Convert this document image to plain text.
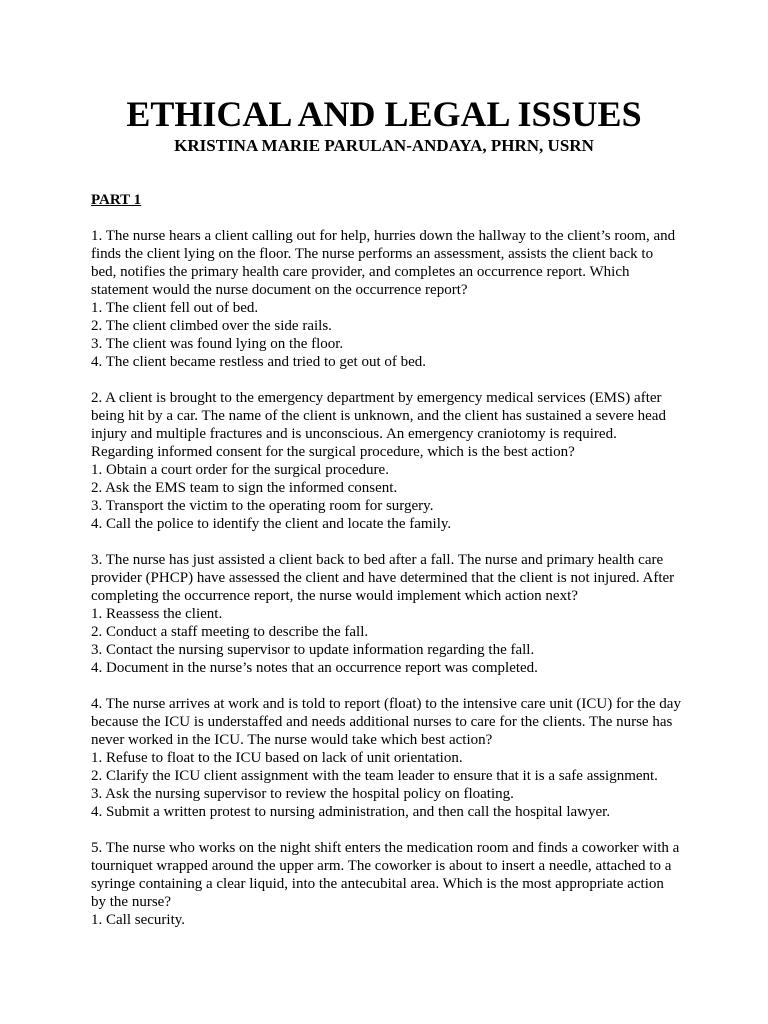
ETHICAL AND LEGAL ISSUES
KRISTINA MARIE PARULAN-ANDAYA, PHRN, USRN
PART 1

1. The nurse hears a client calling out for help, hurries down the hallway to the client’s room, and finds the client lying on the floor. The nurse performs an assessment, assists the client back to bed, notifies the primary health care provider, and completes an occurrence report. Which statement would the nurse document on the occurrence report?

1. The client fell out of bed.
2. The client climbed over the side rails.
3. The client was found lying on the floor.
4. The client became restless and tried to get out of bed.

2. A client is brought to the emergency department by emergency medical services (EMS) after being hit by a car. The name of the client is unknown, and the client has sustained a severe head injury and multiple fractures and is unconscious. An emergency craniotomy is required. Regarding informed consent for the surgical procedure, which is the best action?

1. Obtain a court order for the surgical procedure.
2. Ask the EMS team to sign the informed consent.
3. Transport the victim to the operating room for surgery.
4. Call the police to identify the client and locate the family.

3. The nurse has just assisted a client back to bed after a fall. The nurse and primary health care provider (PHCP) have assessed the client and have determined that the client is not injured. After completing the occurrence report, the nurse would implement which action next?

1. Reassess the client.
2. Conduct a staff meeting to describe the fall.
3. Contact the nursing supervisor to update information regarding the fall.
4. Document in the nurse’s notes that an occurrence report was completed.

4. The nurse arrives at work and is told to report (float) to the intensive care unit (ICU) for the day because the ICU is understaffed and needs additional nurses to care for the clients. The nurse has never worked in the ICU. The nurse would take which best action?

1. Refuse to float to the ICU based on lack of unit orientation.
2. Clarify the ICU client assignment with the team leader to ensure that it is a safe assignment.
3. Ask the nursing supervisor to review the hospital policy on floating.
4. Submit a written protest to nursing administration, and then call the hospital lawyer.

5. The nurse who works on the night shift enters the medication room and finds a coworker with a tourniquet wrapped around the upper arm. The coworker is about to insert a needle, attached to a syringe containing a clear liquid, into the antecubital area. Which is the most appropriate action by the nurse?

1. Call security.
